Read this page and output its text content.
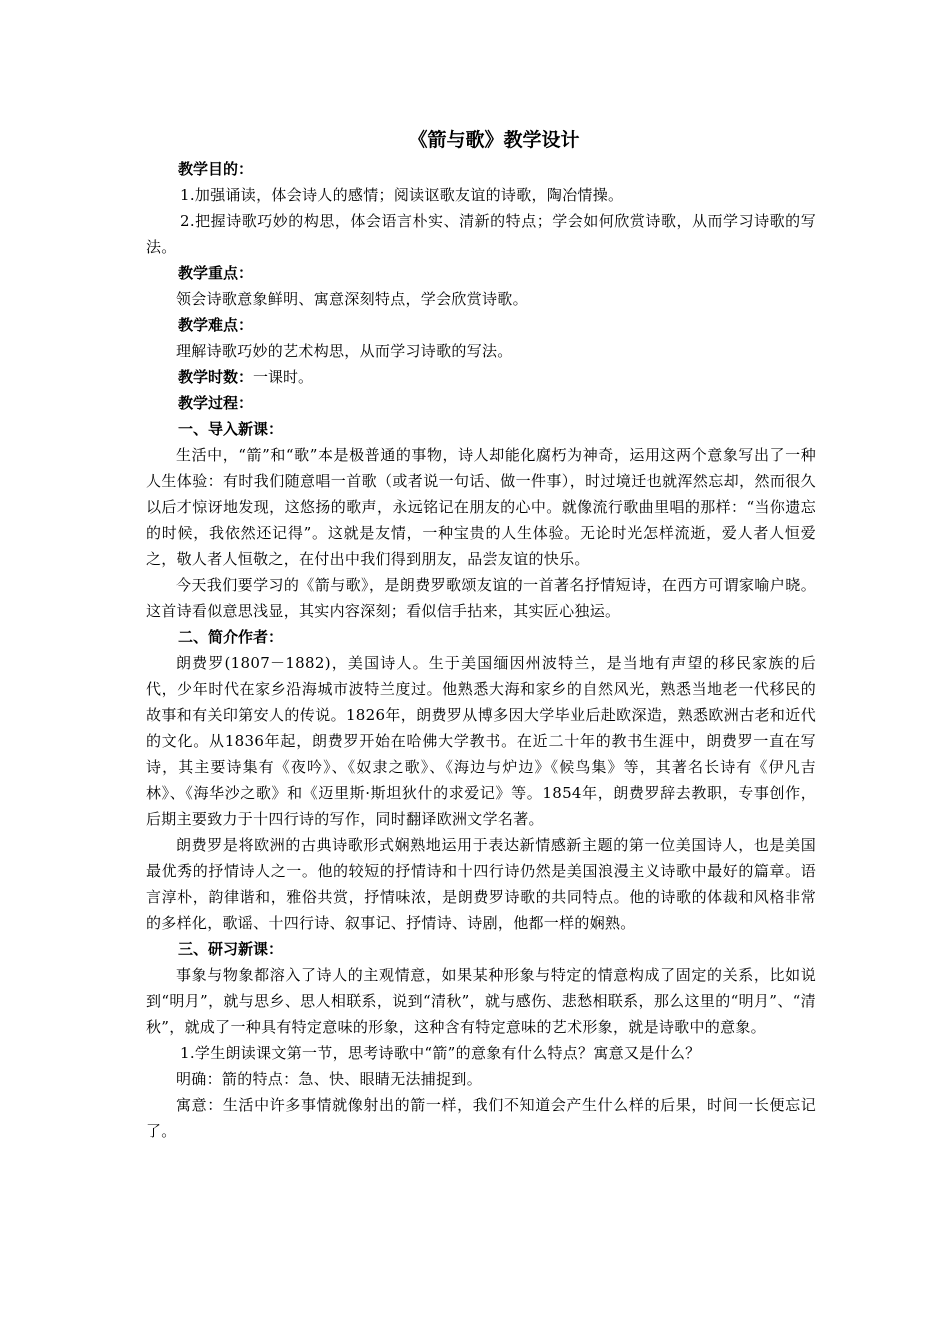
《箭与歌》教学设计
教学目的：

1.加强诵读，体会诗人的感情；阅读讴歌友谊的诗歌，陶冶情操。

2.把握诗歌巧妙的构思，体会语言朴实、清新的特点；学会如何欣赏诗歌，从而学习诗歌的写法。

教学重点：

领会诗歌意象鲜明、寓意深刻特点，学会欣赏诗歌。

教学难点：

理解诗歌巧妙的艺术构思，从而学习诗歌的写法。

教学时数：一课时。
教学过程：
一、导入新课：

生活中，“箭”和“歌”本是极普通的事物，诗人却能化腐朽为神奇，运用这两个意象写出了一种人生体验：有时我们随意唱一首歌（或者说一句话、做一件事），时过境迁也就浑然忘却，然而很久以后才惊讶地发现，这悠扬的歌声，永远铭记在朋友的心中。就像流行歌曲里唱的那样：“当你遗忘的时候，我依然还记得”。这就是友情，一种宝贵的人生体验。无论时光怎样流逝，爱人者人恒爱之，敬人者人恒敬之，在付出中我们得到朋友，品尝友谊的快乐。

今天我们要学习的《箭与歌》，是朗费罗歌颂友谊的一首著名抒情短诗，在西方可谓家喻户晓。这首诗看似意思浅显，其实内容深刻；看似信手拈来，其实匠心独运。

二、简介作者：

朗费罗(1807－1882)，美国诗人。生于美国缅因州波特兰，是当地有声望的移民家族的后代，少年时代在家乡沿海城市波特兰度过。他熟悉大海和家乡的自然风光，熟悉当地老一代移民的故事和有关印第安人的传说。1826年，朗费罗从博多因大学毕业后赴欧深造，熟悉欧洲古老和近代的文化。从1836年起，朗费罗开始在哈佛大学教书。在近二十年的教书生涯中，朗费罗一直在写诗，其主要诗集有《夜吟》、《奴隶之歌》、《海边与炉边》《候鸟集》等，其著名长诗有《伊凡吉林》、《海华沙之歌》和《迈里斯·斯坦狄什的求爱记》等。1854年，朗费罗辞去教职，专事创作，后期主要致力于十四行诗的写作，同时翻译欧洲文学名著。

朗费罗是将欧洲的古典诗歌形式娴熟地运用于表达新情感新主题的第一位美国诗人，也是美国最优秀的抒情诗人之一。他的较短的抒情诗和十四行诗仍然是美国浪漫主义诗歌中最好的篇章。语言淳朴，韵律谐和，雅俗共赏，抒情味浓，是朗费罗诗歌的共同特点。他的诗歌的体裁和风格非常的多样化，歌谣、十四行诗、叙事记、抒情诗、诗剧，他都一样的娴熟。

三、研习新课：

事象与物象都溶入了诗人的主观情意，如果某种形象与特定的情意构成了固定的关系，比如说到“明月”，就与思乡、思人相联系，说到“清秋”，就与感伤、悲愁相联系，那么这里的“明月”、“清秋”，就成了一种具有特定意味的形象，这种含有特定意味的艺术形象，就是诗歌中的意象。

1.学生朗读课文第一节，思考诗歌中“箭”的意象有什么特点？寓意又是什么？

明确：箭的特点：急、快、眼睛无法捕捉到。

寓意：生活中许多事情就像射出的箭一样，我们不知道会产生什么样的后果，时间一长便忘记了。
